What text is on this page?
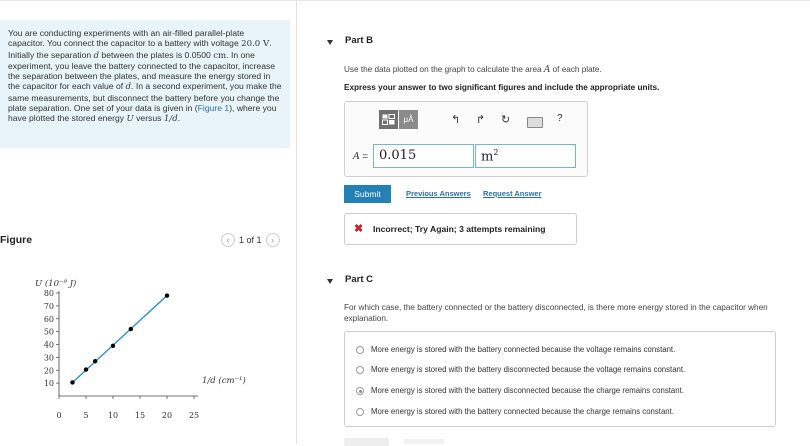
You are conducting experiments with an air-filled parallel-plate capacitor. You connect the capacitor to a battery with voltage 20.0 V. Initially the separation d between the plates is 0.0500 cm. In one experiment, you leave the battery connected to the capacitor, increase the separation between the plates, and measure the energy stored in the capacitor for each value of d. In a second experiment, you make the same measurements, but disconnect the battery before you change the plate separation. One set of your data is given in (Figure 1), where you have plotted the stored energy U versus 1/d.

Figure	‹	1 of 1	›
10
20
30
40
50
60
70
80
0	5 10 15 20 25
U (10⁻⁹ J)
1/d (cm⁻¹)
Part B
Use the data plotted on the graph to calculate the area A of each plate.
Express your answer to two significant figures and include the appropriate units.
μÅ	↰ ↱ ↻	?
A = 0.015	$m^2$
Submit	Previous Answers Request Answer
✖ Incorrect; Try Again; 3 attempts remaining
Part C
For which case, the battery connected or the battery disconnected, is there more energy stored in the capacitor when
explanation.
More energy is stored with the battery connected because the voltage remains constant.
More energy is stored with the battery disconnected because the voltage remains constant.
More energy is stored with the battery disconnected because the charge remains constant.
More energy is stored with the battery connected because the charge remains constant.
